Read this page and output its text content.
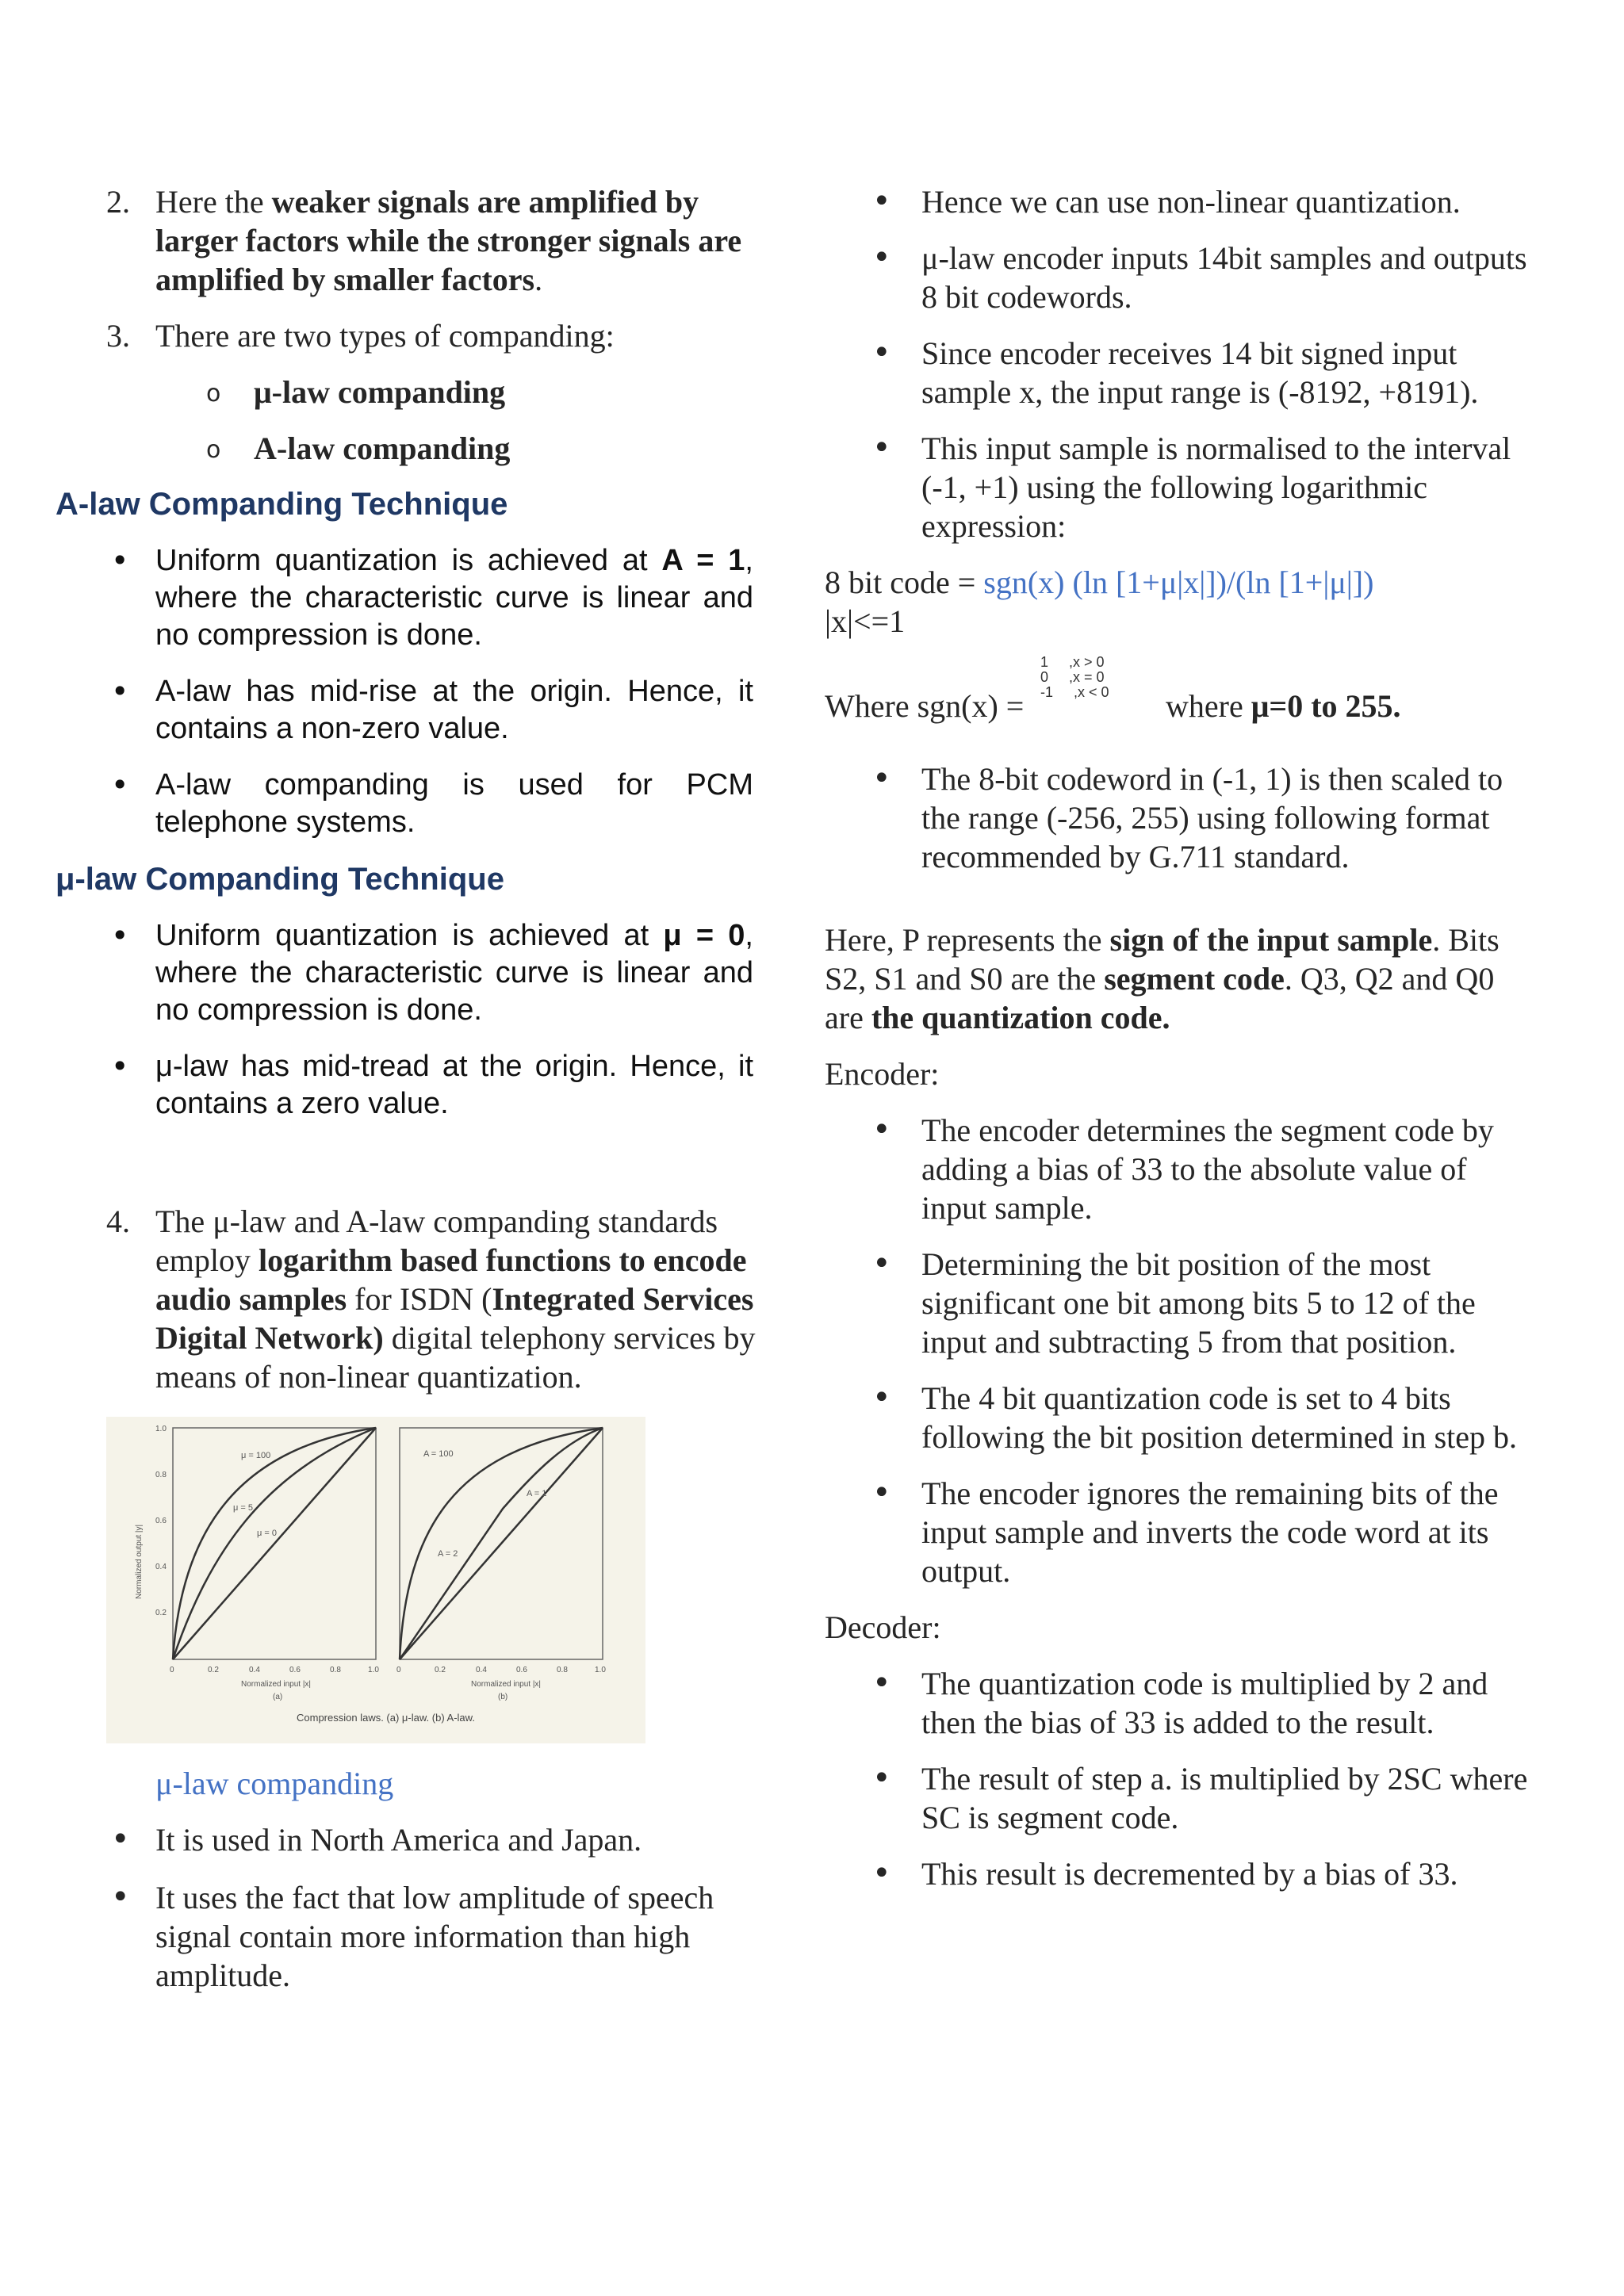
2. Here the weaker signals are amplified by larger factors while the stronger signals are amplified by smaller factors.
3. There are two types of companding:
o μ-law companding
o A-law companding
A-law Companding Technique
• Uniform quantization is achieved at A = 1, where the characteristic curve is linear and no compression is done.
• A-law has mid-rise at the origin. Hence, it contains a non-zero value.
• A-law companding is used for PCM telephone systems.
μ-law Companding Technique
• Uniform quantization is achieved at μ = 0, where the characteristic curve is linear and no compression is done.
• μ-law has mid-tread at the origin. Hence, it contains a zero value.
4. The μ-law and A-law companding standards employ logarithm based functions to encode audio samples for ISDN (Integrated Services Digital Network) digital telephony services by means of non-linear quantization.
μ = 100
μ = 5
μ = 0
1.0
0.8
0.6
0.4
0.2
0	0.2	0.4	0.6	0.8	1.0
Normalized input |x|
(a)
Normalized output |y|
A = 100
A = 2
A = 1
0	0.2	0.4	0.6	0.8	1.0
Normalized input |x|
(b)
Compression laws. (a) μ-law. (b) A-law.

μ-law companding

• It is used in North America and Japan.
• It uses the fact that low amplitude of speech signal contain more information than high amplitude.
• Hence we can use non-linear quantization.
• μ-law encoder inputs 14bit samples and outputs 8 bit codewords.
• Since encoder receives 14 bit signed input sample x, the input range is (-8192, +8191).
• This input sample is normalised to the interval (-1, +1) using the following logarithmic expression:
8 bit code = sgn(x) (ln [1+μ|x|])/(ln [1+|μ|])
|x|<=1
Where sgn(x) =
1 ,x > 0
0 ,x = 0
-1 ,x < 0 where μ=0 to 255.
• The 8-bit codeword in (-1, 1) is then scaled to the range (-256, 255) using following format recommended by G.711 standard.

Here, P represents the sign of the input sample. Bits S2, S1 and S0 are the segment code. Q3, Q2 and Q0 are the quantization code.

Encoder:

• The encoder determines the segment code by adding a bias of 33 to the absolute value of input sample.
• Determining the bit position of the most significant one bit among bits 5 to 12 of the input and subtracting 5 from that position.
• The 4 bit quantization code is set to 4 bits following the bit position determined in step b.
• The encoder ignores the remaining bits of the input sample and inverts the code word at its output.

Decoder:

• The quantization code is multiplied by 2 and then the bias of 33 is added to the result.
• The result of step a. is multiplied by 2SC where SC is segment code.
• This result is decremented by a bias of 33.
